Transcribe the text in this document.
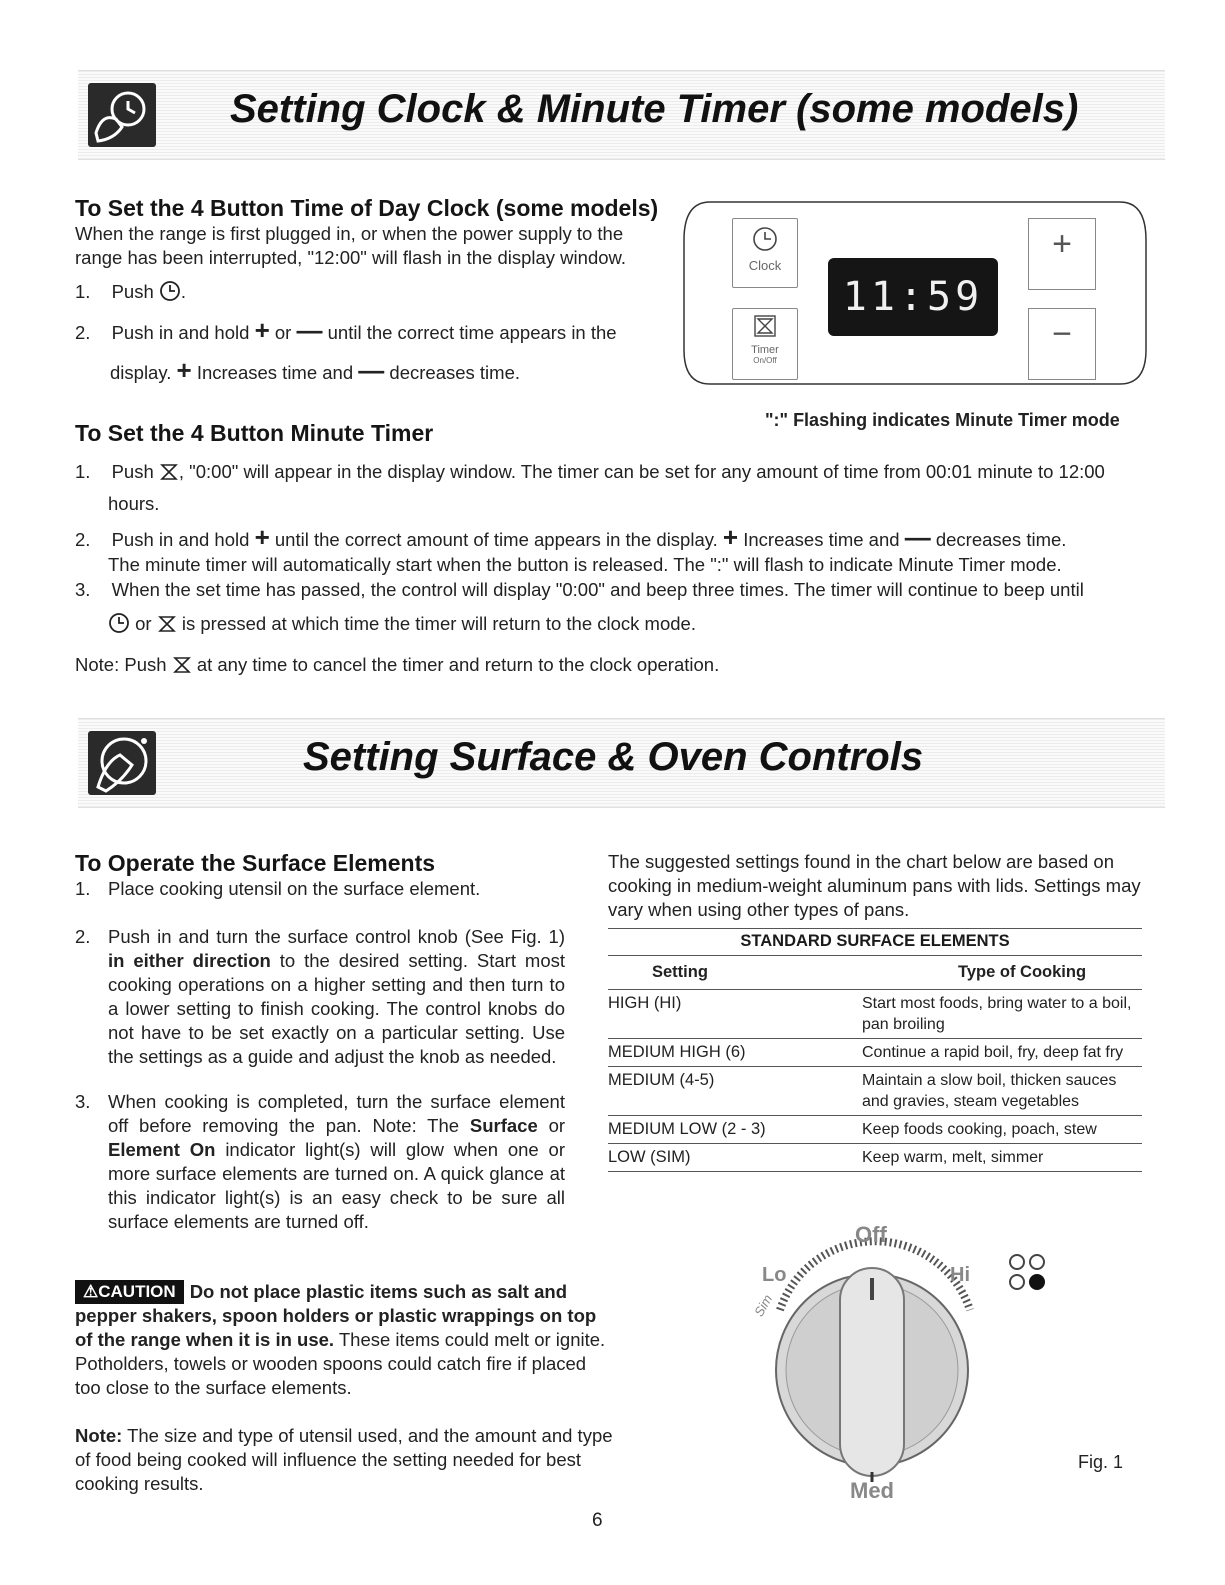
Setting Clock & Minute Timer (some models)
To Set the 4 Button Time of Day Clock (some models)
When the range is first plugged in, or when the power supply to the range has been interrupted, "12:00" will flash in the display window.
1. Push .
2. Push in and hold + or — until the correct time appears in the
display. + Increases time and — decreases time.
Clock
Timer
On/Off
11:59
+
−
":" Flashing indicates Minute Timer mode
To Set the 4 Button Minute Timer
1. Push , "0:00" will appear in the display window. The timer can be set for any amount of time from 00:01 minute to 12:00
hours.
2. Push in and hold + until the correct amount of time appears in the display. + Increases time and — decreases time.
The minute timer will automatically start when the button is released. The ":" will flash to indicate Minute Timer mode.
3. When the set time has passed, the control will display "0:00" and beep three times. The timer will continue to beep until
or is pressed at which time the timer will return to the clock mode.
Note: Push at any time to cancel the timer and return to the clock operation.
Setting Surface & Oven Controls
To Operate the Surface Elements
1. Place cooking utensil on the surface element.
2. Push in and turn the surface control knob (See Fig. 1) in either direction to the desired setting. Start most cooking operations on a higher setting and then turn to a lower setting to finish cooking. The control knobs do not have to be set exactly on a particular setting. Use the settings as a guide and adjust the knob as needed.
3. When cooking is completed, turn the surface element off before removing the pan. Note: The Surface or Element On indicator light(s) will glow when one or more surface elements are turned on. A quick glance at this indicator light(s) is an easy check to be sure all surface elements are turned off.
⚠CAUTION Do not place plastic items such as salt and pepper shakers, spoon holders or plastic wrappings on top of the range when it is in use. These items could melt or ignite. Potholders, towels or wooden spoons could catch fire if placed too close to the surface elements.
Note: The size and type of utensil used, and the amount and type of food being cooked will influence the setting needed for best cooking results.
The suggested settings found in the chart below are based on cooking in medium-weight aluminum pans with lids. Settings may vary when using other types of pans.
STANDARD SURFACE ELEMENTS
Setting	Type of Cooking
HIGH (HI)	Start most foods, bring water to a boil, pan broiling
MEDIUM HIGH (6)	Continue a rapid boil, fry, deep fat fry
MEDIUM (4-5)	Maintain a slow boil, thicken sauces and gravies, steam vegetables
MEDIUM LOW (2 - 3)	Keep foods cooking, poach, stew
LOW (SIM)	Keep warm, melt, simmer
Off
Lo	Hi
Sim
Med
Fig. 1
6
